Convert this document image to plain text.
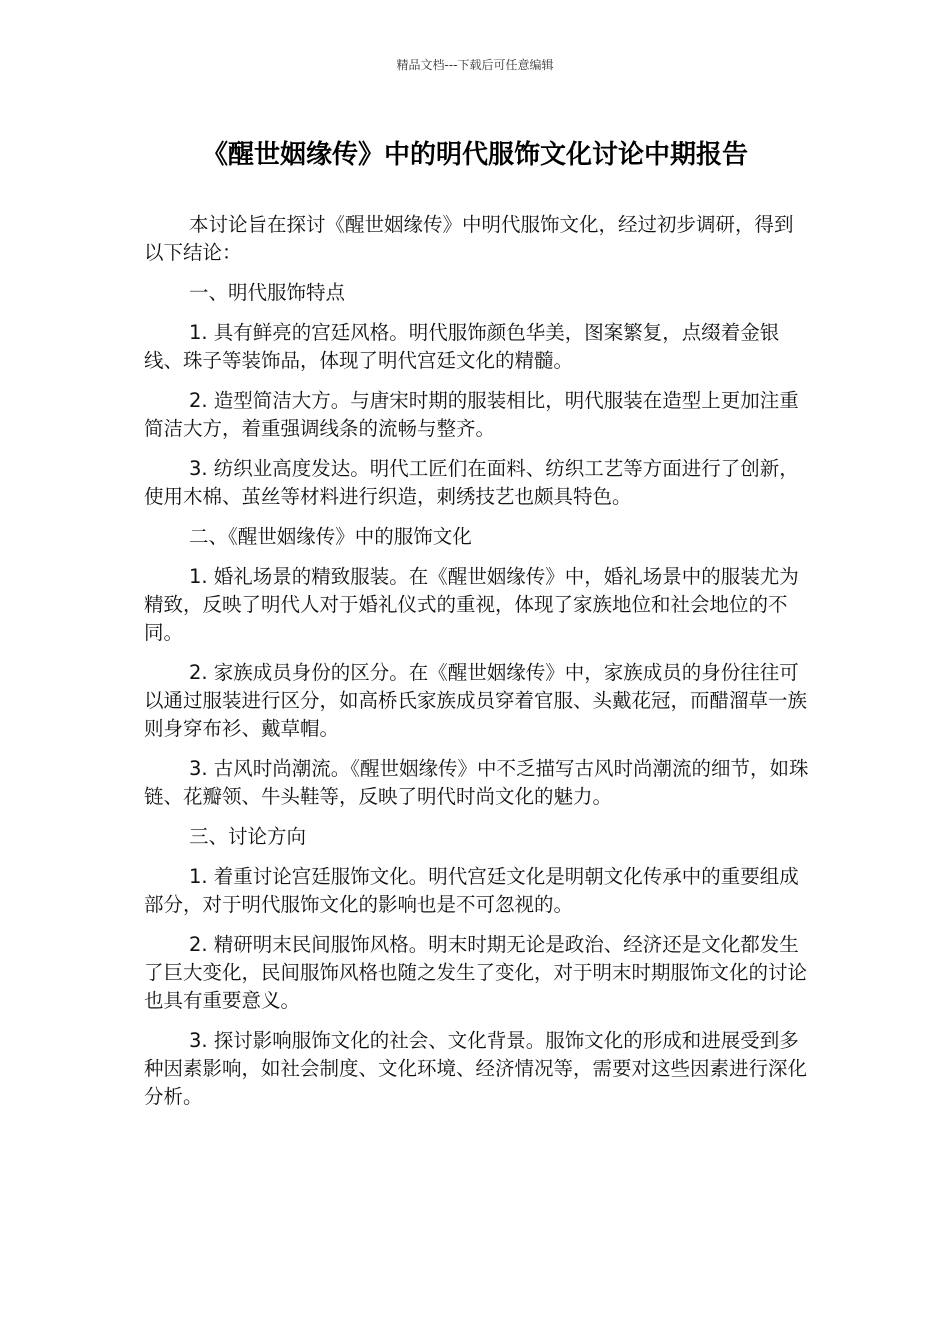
精品文档---下载后可任意编辑
《醒世姻缘传》中的明代服饰文化讨论中期报告

本讨论旨在探讨《醒世姻缘传》中明代服饰文化，经过初步调研，得到以下结论：

一、明代服饰特点

1. 具有鲜亮的宫廷风格。明代服饰颜色华美，图案繁复，点缀着金银线、珠子等装饰品，体现了明代宫廷文化的精髓。

2. 造型简洁大方。与唐宋时期的服装相比，明代服装在造型上更加注重简洁大方，着重强调线条的流畅与整齐。

3. 纺织业高度发达。明代工匠们在面料、纺织工艺等方面进行了创新，使用木棉、茧丝等材料进行织造，刺绣技艺也颇具特色。

二、《醒世姻缘传》中的服饰文化

1. 婚礼场景的精致服装。在《醒世姻缘传》中，婚礼场景中的服装尤为精致，反映了明代人对于婚礼仪式的重视，体现了家族地位和社会地位的不同。

2. 家族成员身份的区分。在《醒世姻缘传》中，家族成员的身份往往可以通过服装进行区分，如高桥氏家族成员穿着官服、头戴花冠，而醋溜草一族则身穿布衫、戴草帽。

3. 古风时尚潮流。《醒世姻缘传》中不乏描写古风时尚潮流的细节，如珠链、花瓣领、牛头鞋等，反映了明代时尚文化的魅力。

三、讨论方向

1. 着重讨论宫廷服饰文化。明代宫廷文化是明朝文化传承中的重要组成部分，对于明代服饰文化的影响也是不可忽视的。

2. 精研明末民间服饰风格。明末时期无论是政治、经济还是文化都发生了巨大变化，民间服饰风格也随之发生了变化，对于明末时期服饰文化的讨论也具有重要意义。

3. 探讨影响服饰文化的社会、文化背景。服饰文化的形成和进展受到多种因素影响，如社会制度、文化环境、经济情况等，需要对这些因素进行深化分析。
